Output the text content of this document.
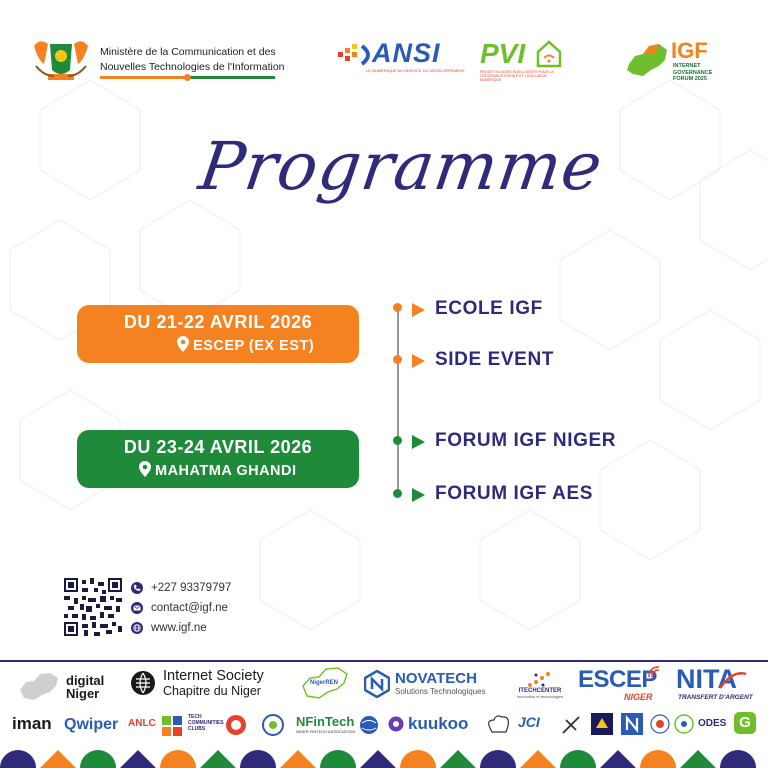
Ministère de la Communication et des
Nouvelles Technologies de l'Information	ANSI
LE NUMÉRIQUE AU SERVICE DU DÉVELOPPEMENT
PVI
PROJET VILLAGES INTELLIGENTS POUR LA
CROISSANCE RURALE ET L'INCLUSION NUMÉRIQUE
IGF
INTERNET
GOVERNANCE
FORUM 2025
Programme
DU 21-22 AVRIL 2026
ESCEP (EX EST)
DU 23-24 AVRIL 2026
MAHATMA GHANDI
ECOLE IGF
SIDE EVENT
FORUM IGF NIGER
FORUM IGF AES
+227 93379797
contact@igf.ne
www.igf.ne
digital
Niger
Internet Society
Chapitre du Niger
NigerREN	NOVATECH
Solutions Technologiques	ITECHCENTER
Innovation et technologies
ESCEP
NIGER
NITA
TRANSFERT D'ARGENT
iman Qwiper ANLC
TECH
COMMUNITIES
CLUBS	NFinTech
NIGER FINTECH ASSOCIATION	kuukoo	JCI	ODES G
